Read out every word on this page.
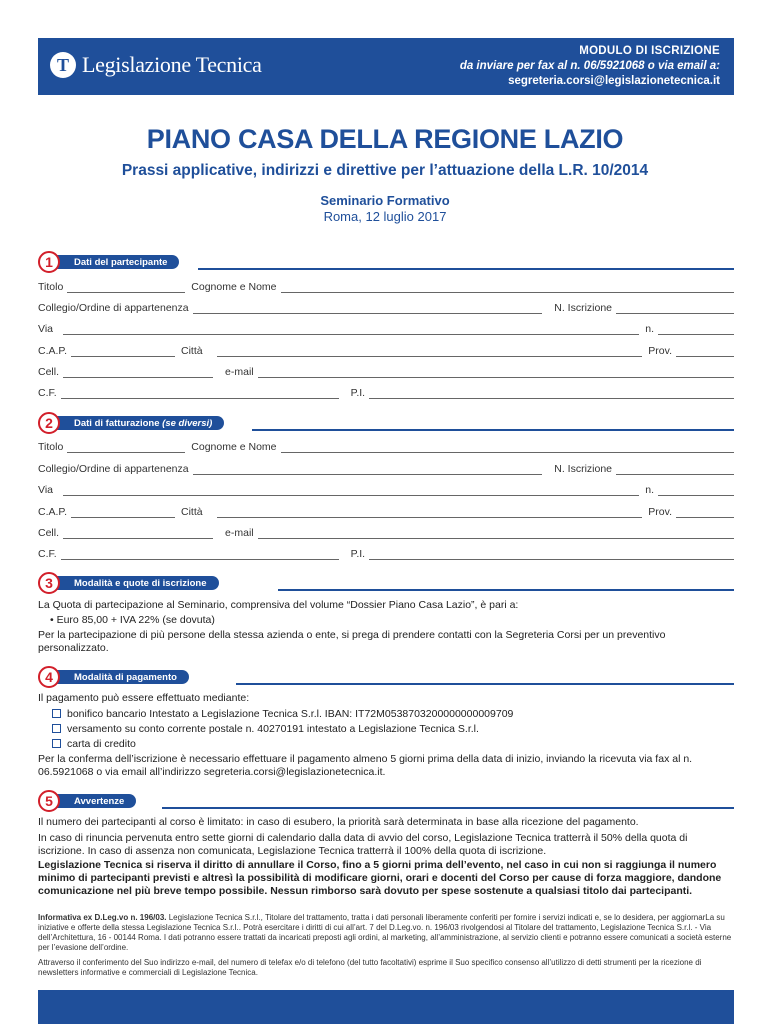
T Legislazione Tecnica
MODULO DI ISCRIZIONE
da inviare per fax al n. 06/5921068 o via email a:
segreteria.corsi@legislazionetecnica.it
PIANO CASA DELLA REGIONE LAZIO
Prassi applicative, indirizzi e direttive per l’attuazione della L.R. 10/2014
Seminario Formativo
Roma, 12 luglio 2017
1	Dati del partecipante
Titolo	Cognome e Nome
Collegio/Ordine di appartenenza	N. Iscrizione
Via	n.
C.A.P.	Città	Prov.
Cell.	e-mail
C.F.	P.I.
2	Dati di fatturazione (se diversi)
Titolo	Cognome e Nome
Collegio/Ordine di appartenenza	N. Iscrizione
Via	n.
C.A.P.	Città	Prov.
Cell.	e-mail
C.F.	P.I.
3	Modalità e quote di iscrizione
La Quota di partecipazione al Seminario, comprensiva del volume “Dossier Piano Casa Lazio”, è pari a:
• Euro 85,00 + IVA 22% (se dovuta)
Per la partecipazione di più persone della stessa azienda o ente, si prega di prendere contatti con la Segreteria Corsi per un preventivo personalizzato.
4	Modalità di pagamento
Il pagamento può essere effettuato mediante:
bonifico bancario Intestato a Legislazione Tecnica S.r.l. IBAN: IT72M0538703200000000009709
versamento su conto corrente postale n. 40270191 intestato a Legislazione Tecnica S.r.l.
carta di credito
Per la conferma dell’iscrizione è necessario effettuare il pagamento almeno 5 giorni prima della data di inizio, inviando la ricevuta via fax al n. 06.5921068 o via email all’indirizzo segreteria.corsi@legislazionetecnica.it.
5	Avvertenze
Il numero dei partecipanti al corso è limitato: in caso di esubero, la priorità sarà determinata in base alla ricezione del pagamento.
In caso di rinuncia pervenuta entro sette giorni di calendario dalla data di avvio del corso, Legislazione Tecnica tratterrà il 50% della quota di iscrizione. In caso di assenza non comunicata, Legislazione Tecnica tratterrà il 100% della quota di iscrizione.
Legislazione Tecnica si riserva il diritto di annullare il Corso, fino a 5 giorni prima dell’evento, nel caso in cui non si raggiunga il numero minimo di partecipanti previsti e altresì la possibilità di modificare giorni, orari e docenti del Corso per cause di forza maggiore, dandone comunicazione nel più breve tempo possibile. Nessun rimborso sarà dovuto per spese sostenute a qualsiasi titolo dai partecipanti.
Informativa ex D.Leg.vo n. 196/03. Legislazione Tecnica S.r.l., Titolare del trattamento, tratta i dati personali liberamente conferiti per fornire i servizi indicati e, se lo desidera, per aggiornarLa su iniziative e offerte della stessa Legislazione Tecnica S.r.l.. Potrà esercitare i diritti di cui all’art. 7 del D.Leg.vo. n. 196/03 rivolgendosi al Titolare del trattamento, Legislazione Tecnica S.r.l. - Via dell’Architettura, 16 - 00144 Roma. I dati potranno essere trattati da incaricati preposti agli ordini, al marketing, all’amministrazione, al servizio clienti e potranno essere comunicati a società esterne per l’evasione dell’ordine.
Attraverso il conferimento del Suo indirizzo e-mail, del numero di telefax e/o di telefono (del tutto facoltativi) esprime il Suo specifico consenso all’utilizzo di detti strumenti per la ricezione di newsletters informative e commerciali di Legislazione Tecnica.
